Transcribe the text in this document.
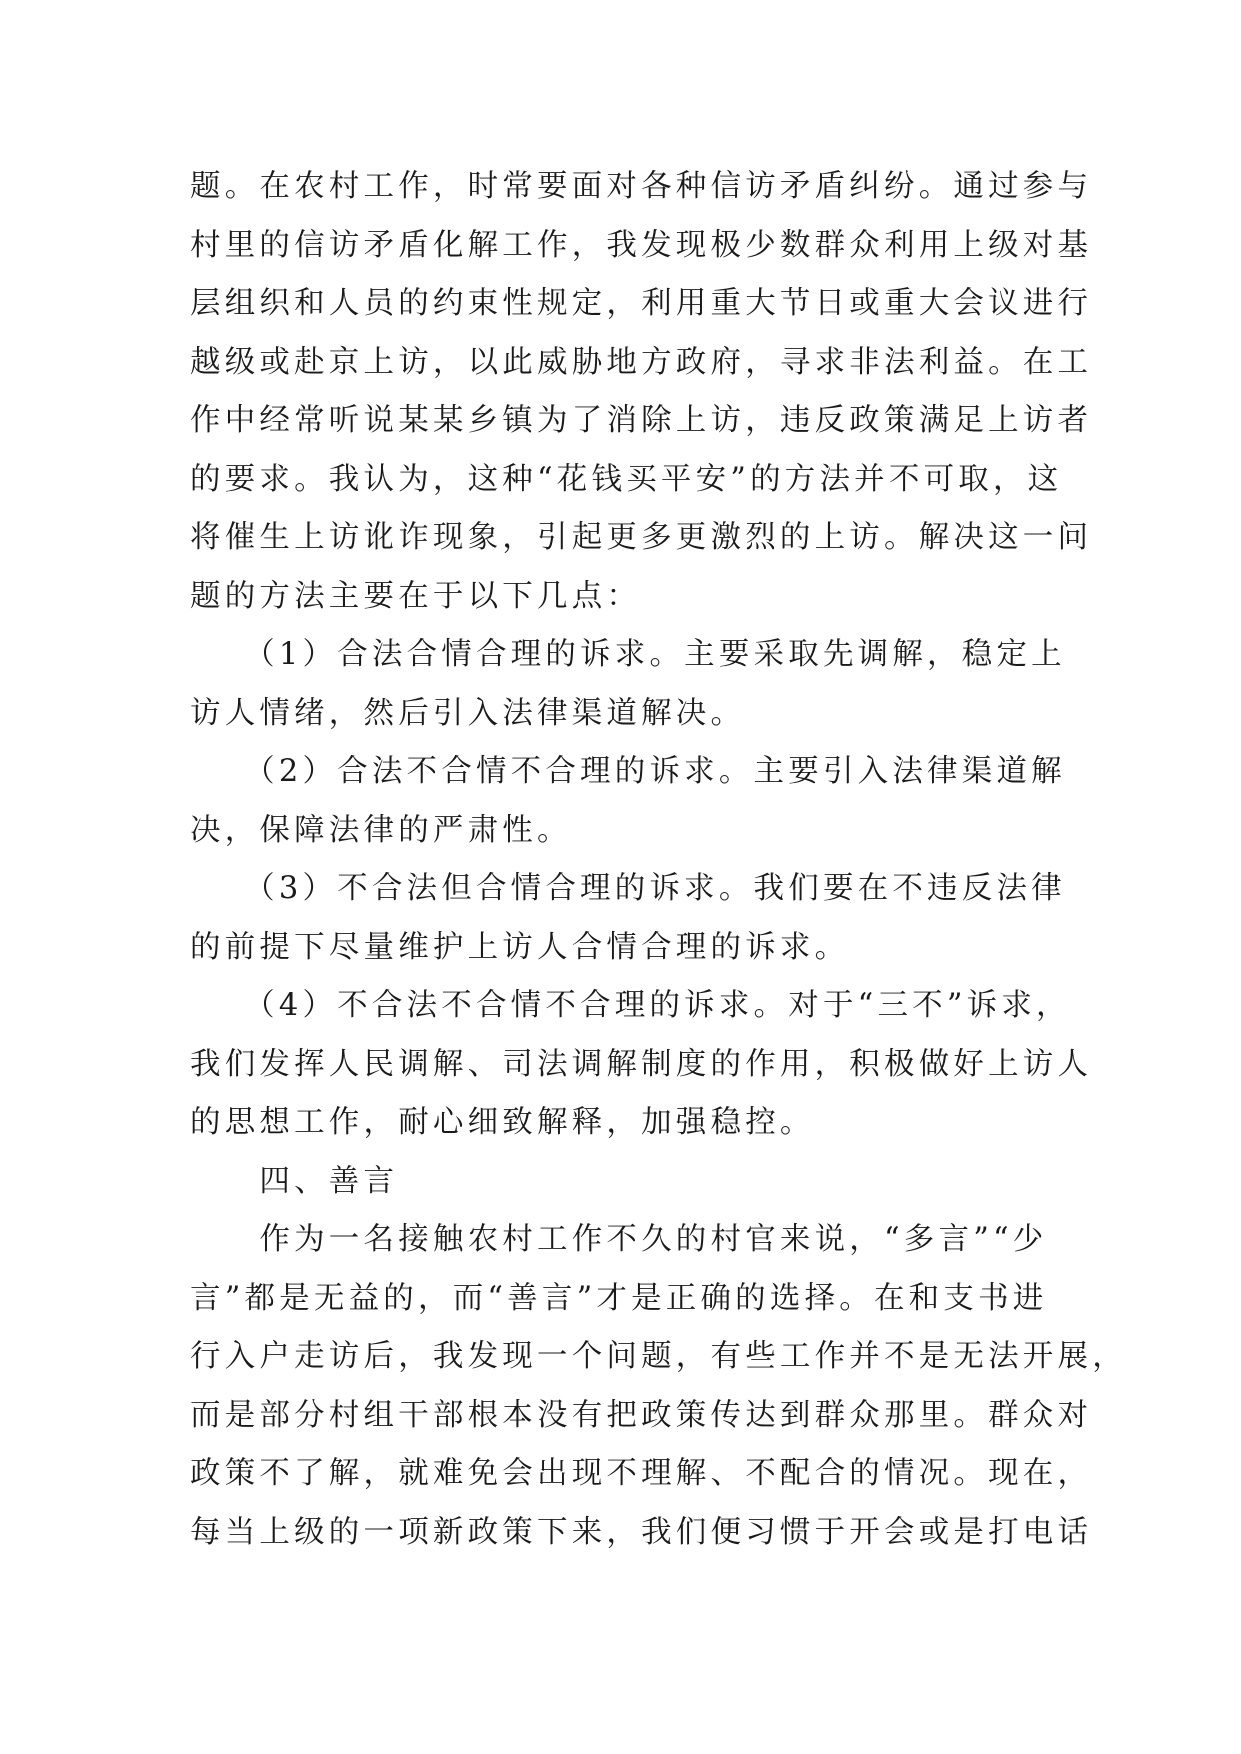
题。在农村工作，时常要面对各种信访矛盾纠纷。通过参与
村里的信访矛盾化解工作，我发现极少数群众利用上级对基
层组织和人员的约束性规定，利用重大节日或重大会议进行
越级或赴京上访，以此威胁地方政府，寻求非法利益。在工
作中经常听说某某乡镇为了消除上访，违反政策满足上访者
的要求。我认为，这种“花钱买平安”的方法并不可取，这
将催生上访讹诈现象，引起更多更激烈的上访。解决这一问
题的方法主要在于以下几点：
　　（1）合法合情合理的诉求。主要采取先调解，稳定上
访人情绪，然后引入法律渠道解决。
　　（2）合法不合情不合理的诉求。主要引入法律渠道解
决，保障法律的严肃性。
　　（3）不合法但合情合理的诉求。我们要在不违反法律
的前提下尽量维护上访人合情合理的诉求。
　　（4）不合法不合情不合理的诉求。对于“三不”诉求，
我们发挥人民调解、司法调解制度的作用，积极做好上访人
的思想工作，耐心细致解释，加强稳控。
　　四、善言
　　作为一名接触农村工作不久的村官来说，“多言”“少
言”都是无益的，而“善言”才是正确的选择。在和支书进
行入户走访后，我发现一个问题，有些工作并不是无法开展，
而是部分村组干部根本没有把政策传达到群众那里。群众对
政策不了解，就难免会出现不理解、不配合的情况。现在，
每当上级的一项新政策下来，我们便习惯于开会或是打电话
